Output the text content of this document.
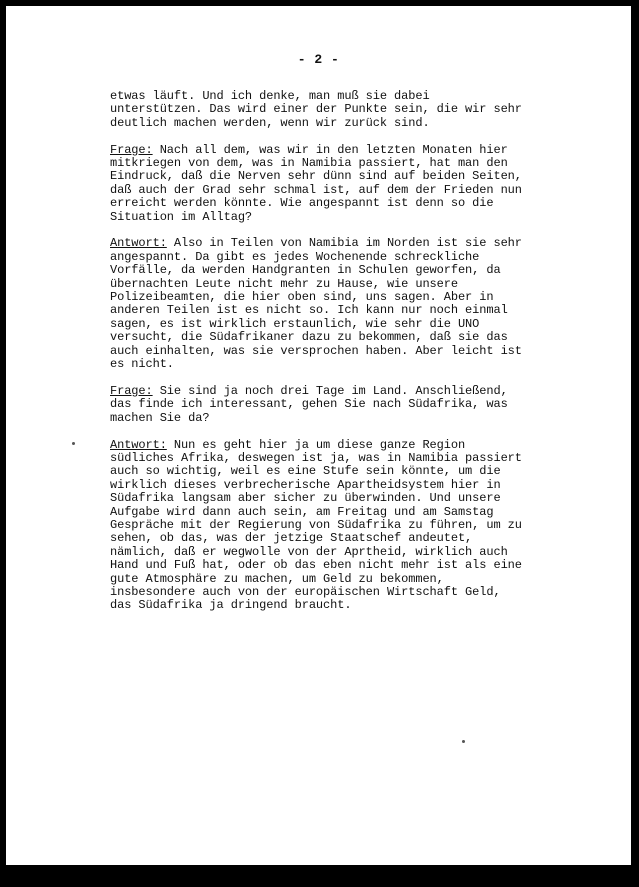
- 2 -
etwas läuft. Und ich denke, man muß sie dabei
unterstützen. Das wird einer der Punkte sein, die wir sehr
deutlich machen werden, wenn wir zurück sind.
Frage: Nach all dem, was wir in den letzten Monaten hier
mitkriegen von dem, was in Namibia passiert, hat man den
Eindruck, daß die Nerven sehr dünn sind auf beiden Seiten,
daß auch der Grad sehr schmal ist, auf dem der Frieden nun
erreicht werden könnte. Wie angespannt ist denn so die
Situation im Alltag?
Antwort: Also in Teilen von Namibia im Norden ist sie sehr
angespannt. Da gibt es jedes Wochenende schreckliche
Vorfälle, da werden Handgranten in Schulen geworfen, da
übernachten Leute nicht mehr zu Hause, wie unsere
Polizeibeamten, die hier oben sind, uns sagen. Aber in
anderen Teilen ist es nicht so. Ich kann nur noch einmal
sagen, es ist wirklich erstaunlich, wie sehr die UNO
versucht, die Südafrikaner dazu zu bekommen, daß sie das
auch einhalten, was sie versprochen haben. Aber leicht ist
es nicht.
Frage: Sie sind ja noch drei Tage im Land. Anschließend,
das finde ich interessant, gehen Sie nach Südafrika, was
machen Sie da?
Antwort: Nun es geht hier ja um diese ganze Region
südliches Afrika, deswegen ist ja, was in Namibia passiert
auch so wichtig, weil es eine Stufe sein könnte, um die
wirklich dieses verbrecherische Apartheidsystem hier in
Südafrika langsam aber sicher zu überwinden. Und unsere
Aufgabe wird dann auch sein, am Freitag und am Samstag
Gespräche mit der Regierung von Südafrika zu führen, um zu
sehen, ob das, was der jetzige Staatschef andeutet,
nämlich, daß er wegwolle von der Aprtheid, wirklich auch
Hand und Fuß hat, oder ob das eben nicht mehr ist als eine
gute Atmosphäre zu machen, um Geld zu bekommen,
insbesondere auch von der europäischen Wirtschaft Geld,
das Südafrika ja dringend braucht.
